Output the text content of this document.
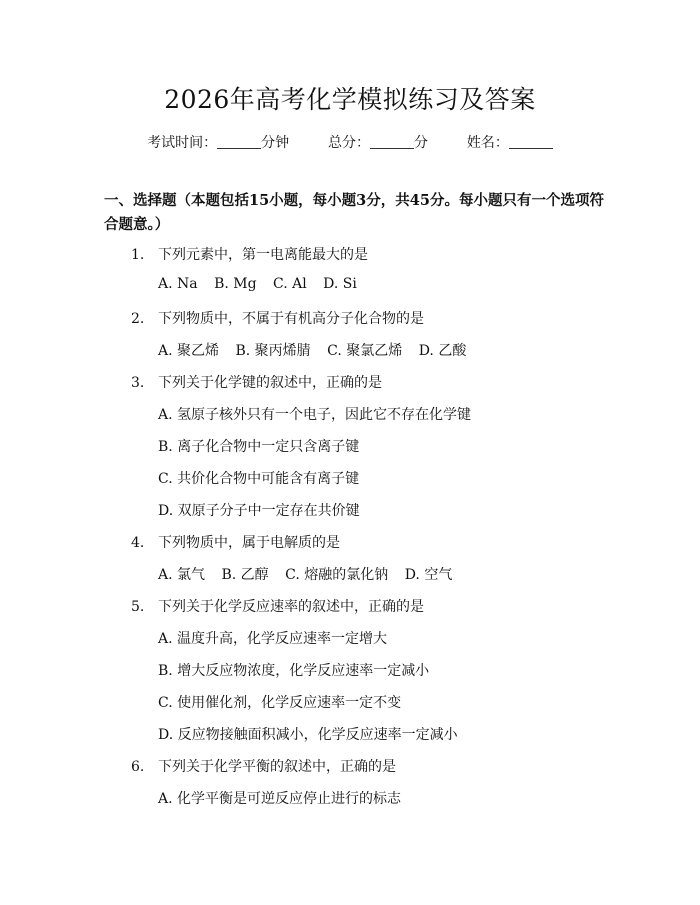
2026年高考化学模拟练习及答案
考试时间：	分钟	总分：	分	姓名：
一、选择题（本题包括15小题，每小题3分，共45分。每小题只有一个选项符合题意。）
1. 下列元素中，第一电离能最大的是
A. Na B. Mg C. Al D. Si
2. 下列物质中，不属于有机高分子化合物的是
A. 聚乙烯 B. 聚丙烯腈 C. 聚氯乙烯 D. 乙酸
3. 下列关于化学键的叙述中，正确的是
A. 氢原子核外只有一个电子，因此它不存在化学键
B. 离子化合物中一定只含离子键
C. 共价化合物中可能含有离子键
D. 双原子分子中一定存在共价键
4. 下列物质中，属于电解质的是
A. 氯气 B. 乙醇 C. 熔融的氯化钠 D. 空气
5. 下列关于化学反应速率的叙述中，正确的是
A. 温度升高，化学反应速率一定增大
B. 增大反应物浓度，化学反应速率一定减小
C. 使用催化剂，化学反应速率一定不变
D. 反应物接触面积减小，化学反应速率一定减小
6. 下列关于化学平衡的叙述中，正确的是
A. 化学平衡是可逆反应停止进行的标志
